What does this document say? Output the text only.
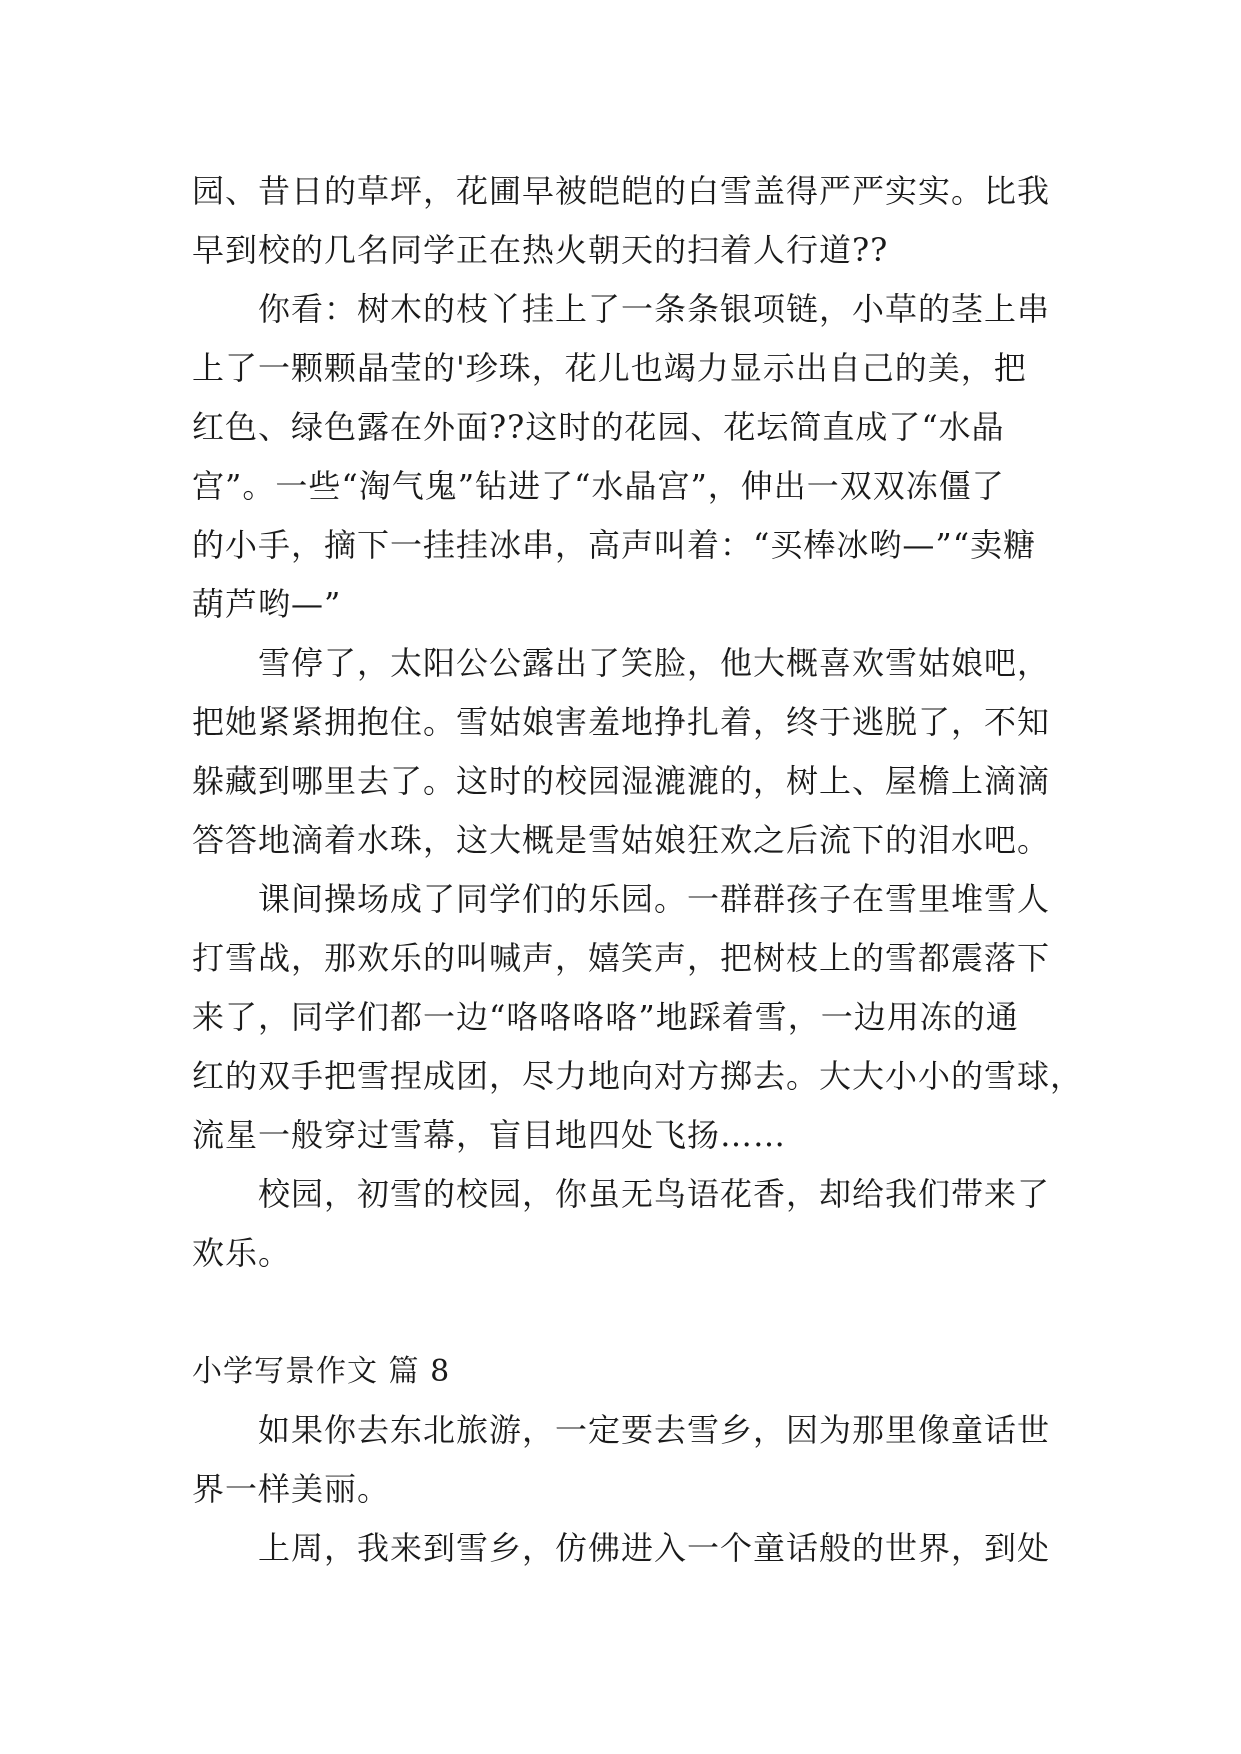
园、昔日的草坪，花圃早被皑皑的白雪盖得严严实实。比我
早到校的几名同学正在热火朝天的扫着人行道??
你看：树木的枝丫挂上了一条条银项链，小草的茎上串
上了一颗颗晶莹的'珍珠，花儿也竭力显示出自己的美，把
红色、绿色露在外面??这时的花园、花坛简直成了“水晶
宫”。一些“淘气鬼”钻进了“水晶宫”，伸出一双双冻僵了
的小手，摘下一挂挂冰串，高声叫着：“买棒冰哟—”“卖糖
葫芦哟—”
雪停了，太阳公公露出了笑脸，他大概喜欢雪姑娘吧，
把她紧紧拥抱住。雪姑娘害羞地挣扎着，终于逃脱了，不知
躲藏到哪里去了。这时的校园湿漉漉的，树上、屋檐上滴滴
答答地滴着水珠，这大概是雪姑娘狂欢之后流下的泪水吧。
课间操场成了同学们的乐园。一群群孩子在雪里堆雪人
打雪战，那欢乐的叫喊声，嬉笑声，把树枝上的雪都震落下
来了，同学们都一边“咯咯咯咯”地踩着雪，一边用冻的通
红的双手把雪捏成团，尽力地向对方掷去。大大小小的雪球，
流星一般穿过雪幕，盲目地四处飞扬……
校园，初雪的校园，你虽无鸟语花香，却给我们带来了
欢乐。
小学写景作文 篇 8
如果你去东北旅游，一定要去雪乡，因为那里像童话世
界一样美丽。
上周，我来到雪乡，仿佛进入一个童话般的世界，到处
